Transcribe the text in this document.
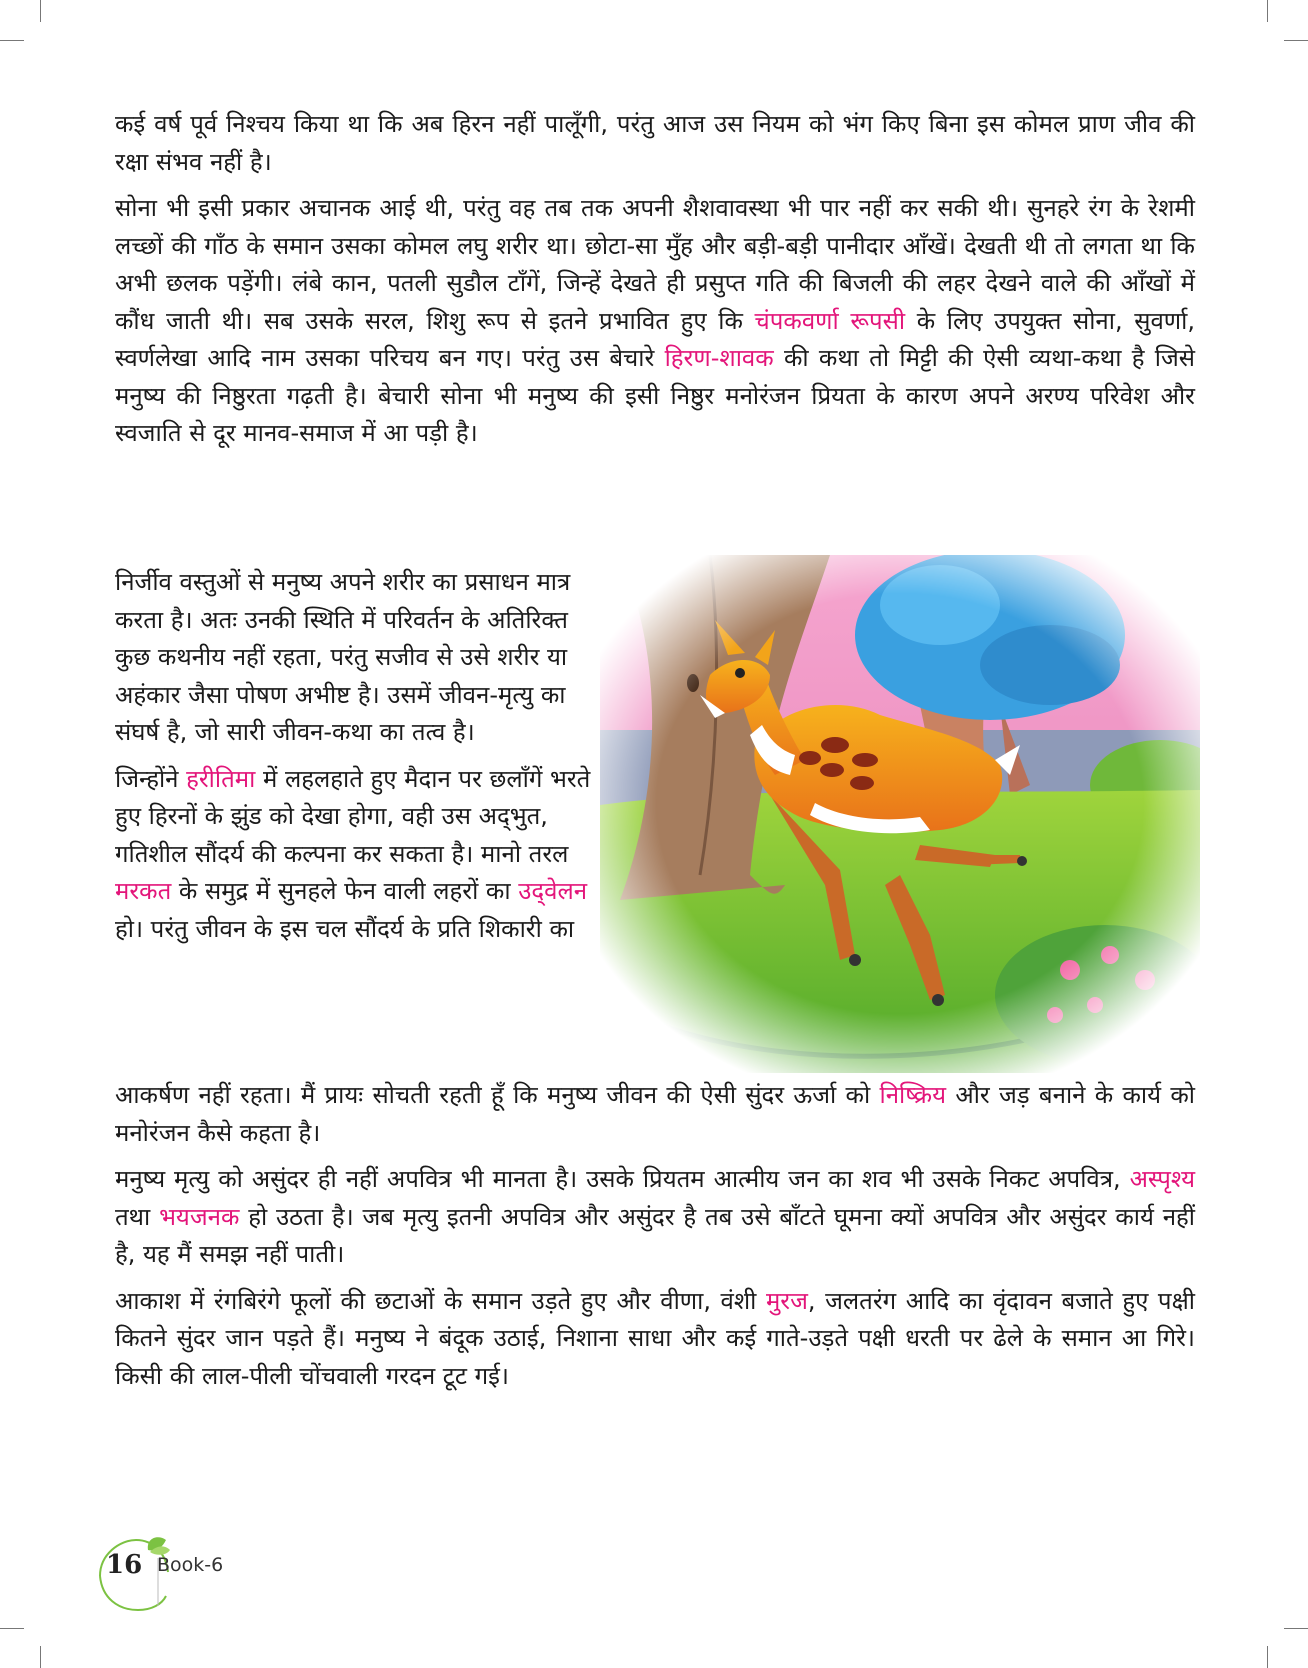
कई वर्ष पूर्व निश्चय किया था कि अब हिरन नहीं पालूँगी, परंतु आज उस नियम को भंग किए बिना इस कोमल प्राण जीव की रक्षा संभव नहीं है।

सोना भी इसी प्रकार अचानक आई थी, परंतु वह तब तक अपनी शैशवावस्था भी पार नहीं कर सकी थी। सुनहरे रंग के रेशमी लच्छों की गाँठ के समान उसका कोमल लघु शरीर था। छोटा-सा मुँह और बड़ी-बड़ी पानीदार आँखें। देखती थी तो लगता था कि अभी छलक पड़ेंगी। लंबे कान, पतली सुडौल टाँगें, जिन्हें देखते ही प्रसुप्त गति की बिजली की लहर देखने वाले की आँखों में कौंध जाती थी। सब उसके सरल, शिशु रूप से इतने प्रभावित हुए कि चंपकवर्णा रूपसी के लिए उपयुक्त सोना, सुवर्णा, स्वर्णलेखा आदि नाम उसका परिचय बन गए। परंतु उस बेचारे हिरण-शावक की कथा तो मिट्टी की ऐसी व्यथा-कथा है जिसे मनुष्य की निष्ठुरता गढ़ती है। बेचारी सोना भी मनुष्य की इसी निष्ठुर मनोरंजन प्रियता के कारण अपने अरण्य परिवेश और स्वजाति से दूर मानव-समाज में आ पड़ी है।

निर्जीव वस्तुओं से मनुष्य अपने शरीर का प्रसाधन मात्र करता है। अतः उनकी स्थिति में परिवर्तन के अतिरिक्त कुछ कथनीय नहीं रहता, परंतु सजीव से उसे शरीर या अहंकार जैसा पोषण अभीष्ट है। उसमें जीवन-मृत्यु का संघर्ष है, जो सारी जीवन-कथा का तत्व है।

जिन्होंने हरीतिमा में लहलहाते हुए मैदान पर छलाँगें भरते हुए हिरनों के झुंड को देखा होगा, वही उस अद्‌भुत, गतिशील सौंदर्य की कल्पना कर सकता है। मानो तरल मरकत के समुद्र में सुनहले फेन वाली लहरों का उद्‌वेलन हो। परंतु जीवन के इस चल सौंदर्य के प्रति शिकारी का

आकर्षण नहीं रहता। मैं प्रायः सोचती रहती हूँ कि मनुष्य जीवन की ऐसी सुंदर ऊर्जा को निष्क्रिय और जड़ बनाने के कार्य को मनोरंजन कैसे कहता है।

मनुष्य मृत्यु को असुंदर ही नहीं अपवित्र भी मानता है। उसके प्रियतम आत्मीय जन का शव भी उसके निकट अपवित्र, अस्पृश्य तथा भयजनक हो उठता है। जब मृत्यु इतनी अपवित्र और असुंदर है तब उसे बाँटते घूमना क्यों अपवित्र और असुंदर कार्य नहीं है, यह मैं समझ नहीं पाती।

आकाश में रंगबिरंगे फूलों की छटाओं के समान उड़ते हुए और वीणा, वंशी मुरज, जलतरंग आदि का वृंदावन बजाते हुए पक्षी कितने सुंदर जान पड़ते हैं। मनुष्य ने बंदूक उठाई, निशाना साधा और कई गाते-उड़ते पक्षी धरती पर ढेले के समान आ गिरे। किसी की लाल-पीली चोंचवाली गरदन टूट गई।

16 Book-6
